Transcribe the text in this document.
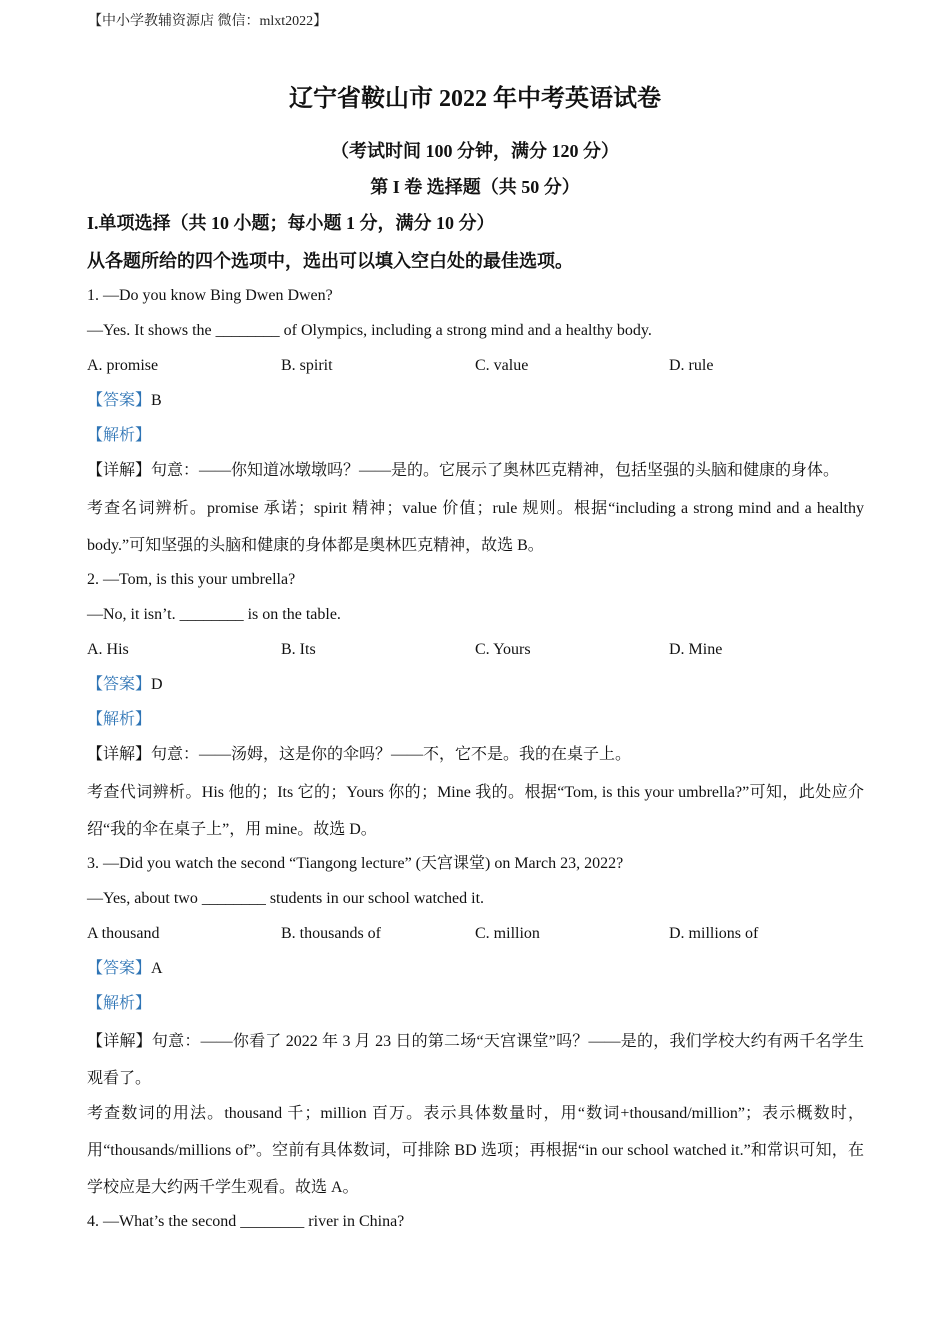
【中小学教辅资源店 微信：mlxt2022】
辽宁省鞍山市 2022 年中考英语试卷
（考试时间 100 分钟，满分 120 分）
第 I 卷 选择题（共 50 分）
I.单项选择（共 10 小题；每小题 1 分，满分 10 分）
从各题所给的四个选项中，选出可以填入空白处的最佳选项。
1. —Do you know Bing Dwen Dwen?
—Yes. It shows the ________ of Olympics, including a strong mind and a healthy body.
A. promise	B. spirit	C. value	D. rule
【答案】B
【解析】
【详解】句意：——你知道冰墩墩吗？——是的。它展示了奥林匹克精神，包括坚强的头脑和健康的身体。
考查名词辨析。promise 承诺；spirit 精神；value 价值；rule 规则。根据“including a strong mind and a healthy body.”可知坚强的头脑和健康的身体都是奥林匹克精神，故选 B。
2. —Tom, is this your umbrella?
—No, it isn’t. ________ is on the table.
A. His	B. Its	C. Yours	D. Mine
【答案】D
【解析】
【详解】句意：——汤姆，这是你的伞吗？——不，它不是。我的在桌子上。
考查代词辨析。His 他的；Its 它的；Yours 你的；Mine 我的。根据“Tom, is this your umbrella?”可知，此处应介绍“我的伞在桌子上”，用 mine。故选 D。
3. —Did you watch the second “Tiangong lecture” (天宫课堂) on March 23, 2022?
—Yes, about two ________ students in our school watched it.
A thousand	B. thousands of	C. million	D. millions of
【答案】A
【解析】
【详解】句意：——你看了 2022 年 3 月 23 日的第二场“天宫课堂”吗？——是的，我们学校大约有两千名学生观看了。
考查数词的用法。thousand 千；million 百万。表示具体数量时，用“数词+thousand/million”；表示概数时，用“thousands/millions of”。空前有具体数词，可排除 BD 选项；再根据“in our school watched it.”和常识可知，在学校应是大约两千学生观看。故选 A。
4. —What’s the second ________ river in China?
